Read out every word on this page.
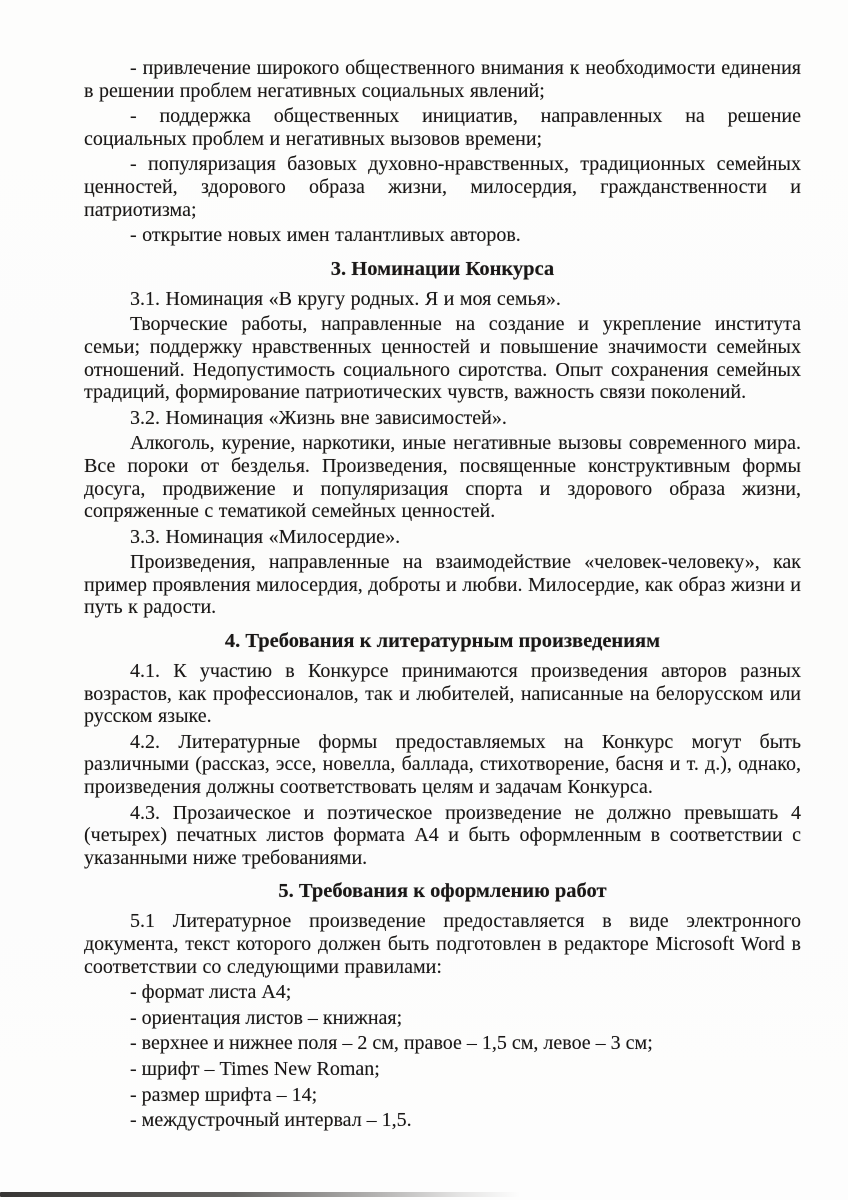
- привлечение широкого общественного внимания к необходимости единения в решении проблем негативных социальных явлений;

- поддержка общественных инициатив, направленных на решение социальных проблем и негативных вызовов времени;

- популяризация базовых духовно-нравственных, традиционных семейных ценностей, здорового образа жизни, милосердия, гражданственности и патриотизма;

- открытие новых имен талантливых авторов.

3. Номинации Конкурса

3.1. Номинация «В кругу родных. Я и моя семья».

Творческие работы, направленные на создание и укрепление института семьи; поддержку нравственных ценностей и повышение значимости семейных отношений. Недопустимость социального сиротства. Опыт сохранения семейных традиций, формирование патриотических чувств, важность связи поколений.

3.2. Номинация «Жизнь вне зависимостей».

Алкоголь, курение, наркотики, иные негативные вызовы современного мира. Все пороки от безделья. Произведения, посвященные конструктивным формы досуга, продвижение и популяризация спорта и здорового образа жизни, сопряженные с тематикой семейных ценностей.

3.3. Номинация «Милосердие».

Произведения, направленные на взаимодействие «человек-человеку», как пример проявления милосердия, доброты и любви. Милосердие, как образ жизни и путь к радости.

4. Требования к литературным произведениям

4.1. К участию в Конкурсе принимаются произведения авторов разных возрастов, как профессионалов, так и любителей, написанные на белорусском или русском языке.

4.2. Литературные формы предоставляемых на Конкурс могут быть различными (рассказ, эссе, новелла, баллада, стихотворение, басня и т. д.), однако, произведения должны соответствовать целям и задачам Конкурса.

4.3. Прозаическое и поэтическое произведение не должно превышать 4 (четырех) печатных листов формата А4 и быть оформленным в соответствии с указанными ниже требованиями.

5. Требования к оформлению работ

5.1 Литературное произведение предоставляется в виде электронного документа, текст которого должен быть подготовлен в редакторе Microsoft Word в соответствии со следующими правилами:

- формат листа А4;

- ориентация листов – книжная;

- верхнее и нижнее поля – 2 см, правое – 1,5 см, левое – 3 см;

- шрифт – Times New Roman;

- размер шрифта – 14;

- междустрочный интервал – 1,5.
